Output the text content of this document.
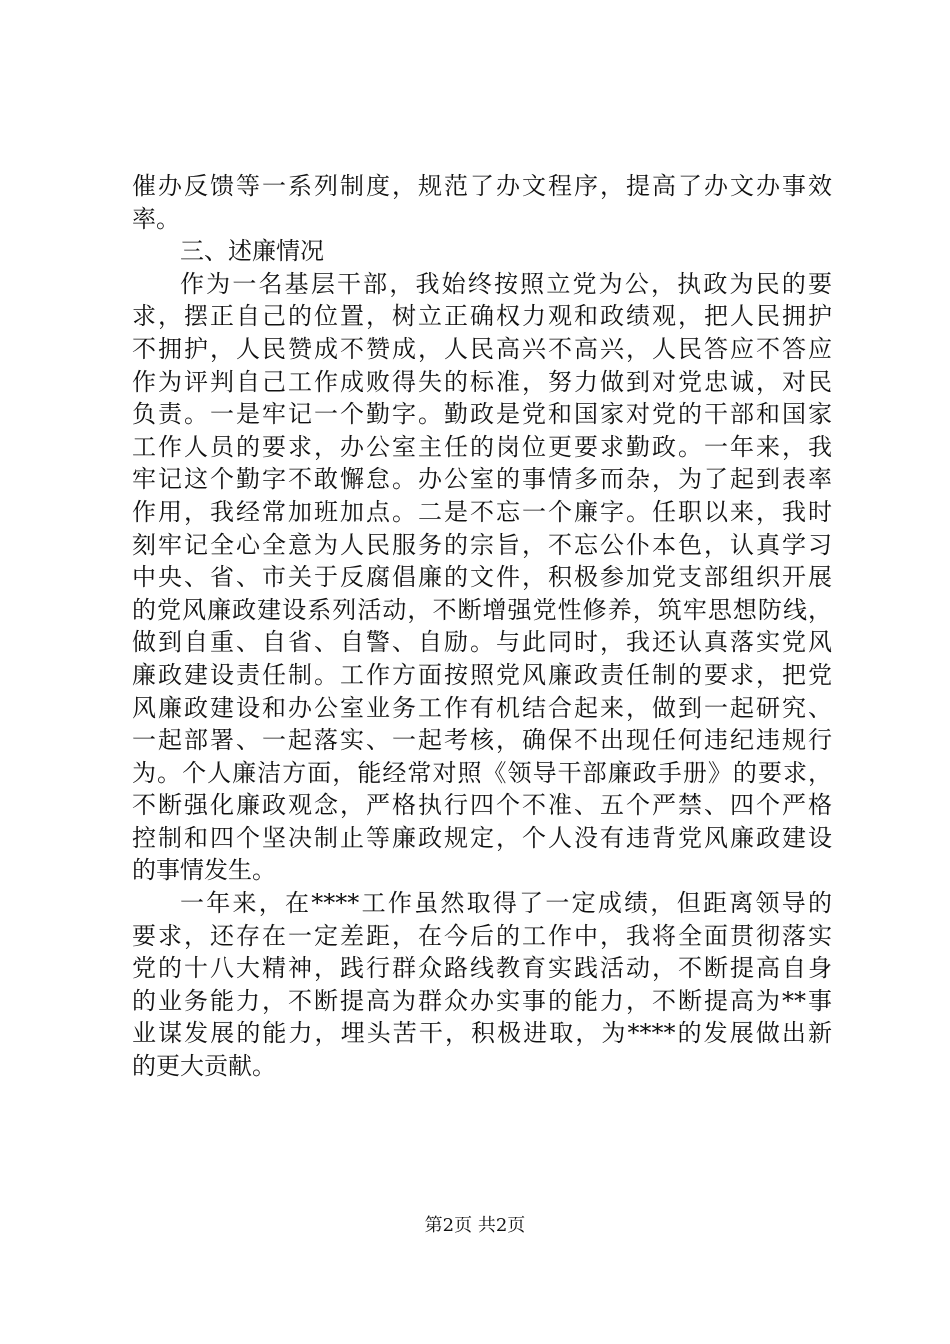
催办反馈等一系列制度，规范了办文程序，提高了办文办事效
率。
三、述廉情况
作为一名基层干部，我始终按照立党为公，执政为民的要
求，摆正自己的位置，树立正确权力观和政绩观，把人民拥护
不拥护，人民赞成不赞成，人民高兴不高兴，人民答应不答应
作为评判自己工作成败得失的标准，努力做到对党忠诚，对民
负责。一是牢记一个勤字。勤政是党和国家对党的干部和国家
工作人员的要求，办公室主任的岗位更要求勤政。一年来，我
牢记这个勤字不敢懈怠。办公室的事情多而杂，为了起到表率
作用，我经常加班加点。二是不忘一个廉字。任职以来，我时
刻牢记全心全意为人民服务的宗旨，不忘公仆本色，认真学习
中央、省、市关于反腐倡廉的文件，积极参加党支部组织开展
的党风廉政建设系列活动，不断增强党性修养，筑牢思想防线，
做到自重、自省、自警、自励。与此同时，我还认真落实党风
廉政建设责任制。工作方面按照党风廉政责任制的要求，把党
风廉政建设和办公室业务工作有机结合起来，做到一起研究、
一起部署、一起落实、一起考核，确保不出现任何违纪违规行
为。个人廉洁方面，能经常对照《领导干部廉政手册》的要求，
不断强化廉政观念，严格执行四个不准、五个严禁、四个严格
控制和四个坚决制止等廉政规定，个人没有违背党风廉政建设
的事情发生。
一年来，在****工作虽然取得了一定成绩，但距离领导的
要求，还存在一定差距，在今后的工作中，我将全面贯彻落实
党的十八大精神，践行群众路线教育实践活动，不断提高自身
的业务能力，不断提高为群众办实事的能力，不断提高为**事
业谋发展的能力，埋头苦干，积极进取，为****的发展做出新
的更大贡献。
第2页 共2页
